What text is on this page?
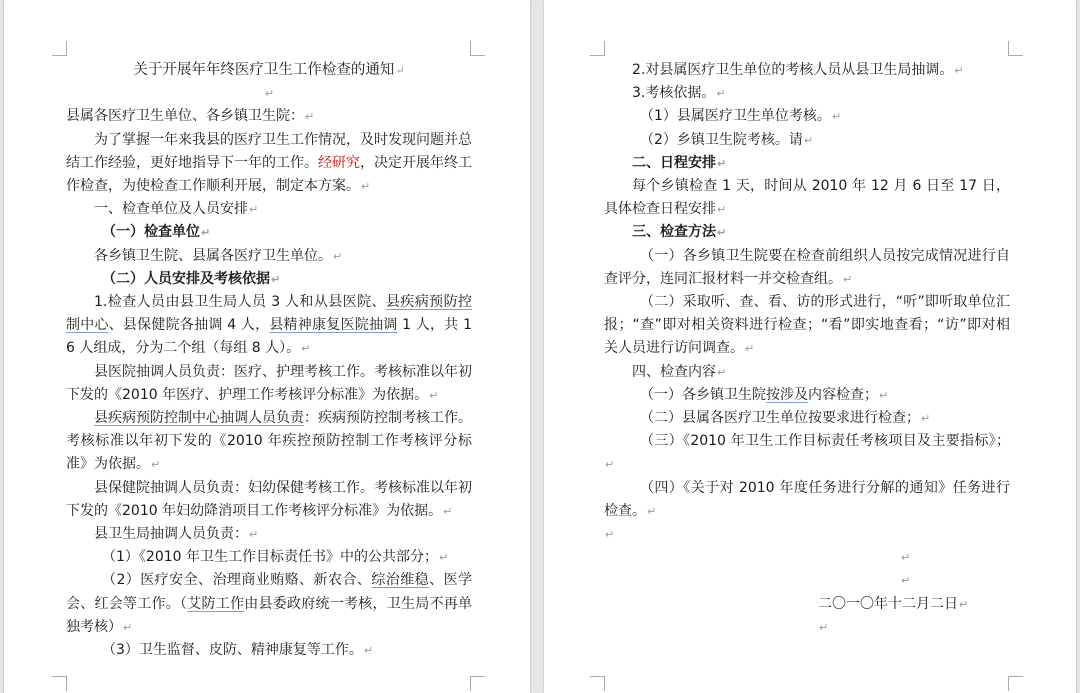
关于开展年年终医疗卫生工作检查的通知↵

↵

县属各医疗卫生单位、各乡镇卫生院：↵

为了掌握一年来我县的医疗卫生工作情况，及时发现问题并总结工作经验，更好地指导下一年的工作。经研究，决定开展年终工作检查，为使检查工作顺利开展，制定本方案。↵

一、检查单位及人员安排↵

（一）检查单位↵

各乡镇卫生院、县属各医疗卫生单位。↵

（二）人员安排及考核依据↵

1.检查人员由县卫生局人员 3 人和从县医院、县疾病预防控制中心、县保健院各抽调 4 人，县精神康复医院抽调 1 人，共 16 人组成，分为二个组（每组 8 人）。↵

县医院抽调人员负责：医疗、护理考核工作。考核标准以年初下发的《2010 年医疗、护理工作考核评分标准》为依据。↵

县疾病预防控制中心抽调人员负责：疾病预防控制考核工作。考核标准以年初下发的《2010 年疾控预防控制工作考核评分标准》为依据。↵

县保健院抽调人员负责：妇幼保健考核工作。考核标准以年初下发的《2010 年妇幼降消项目工作考核评分标准》为依据。↵

县卫生局抽调人员负责：↵

（1）《2010 年卫生工作目标责任书》中的公共部分；↵

（2）医疗安全、治理商业贿赂、新农合、综治维稳、医学会、红会等工作。（艾防工作由县委政府统一考核，卫生局不再单独考核）↵

（3）卫生监督、皮防、精神康复等工作。↵

2.对县属医疗卫生单位的考核人员从县卫生局抽调。↵

3.考核依据。↵

（1）县属医疗卫生单位考核。↵

（2）乡镇卫生院考核。请↵

二、日程安排↵

每个乡镇检查 1 天，时间从 2010 年 12 月 6 日至 17 日，具体检查日程安排↵

三、检查方法↵

（一）各乡镇卫生院要在检查前组织人员按完成情况进行自查评分，连同汇报材料一并交检查组。↵

（二）采取听、查、看、访的形式进行，“听”即听取单位汇报；“查”即对相关资料进行检查；“看”即实地查看；“访”即对相关人员进行访问调查。↵

四、检查内容↵

（一）各乡镇卫生院按涉及内容检查；↵

（二）县属各医疗卫生单位按要求进行检查；↵

（三）《2010 年卫生工作目标责任考核项目及主要指标》；↵

（四）《关于对 2010 年度任务进行分解的通知》任务进行检查。↵

↵

↵

↵

二〇一〇年十二月二日↵

↵
